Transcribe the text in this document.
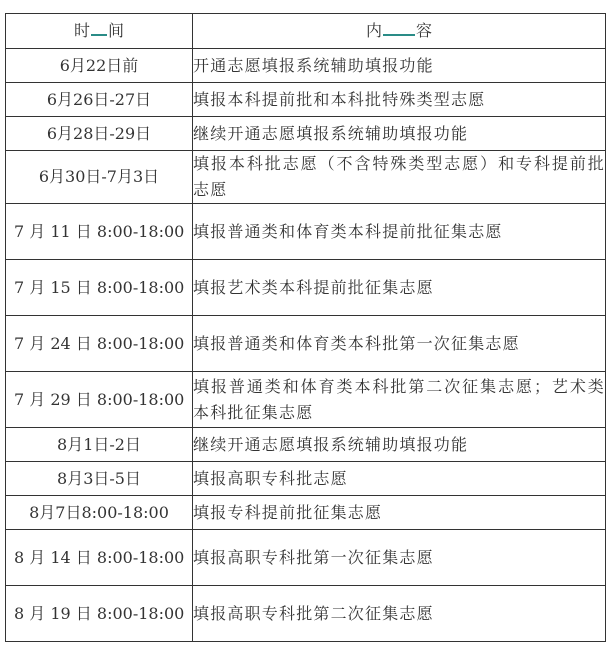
时 间	内 容
6月22日前	开通志愿填报系统辅助填报功能
6月26日-27日	填报本科提前批和本科批特殊类型志愿
6月28日-29日	继续开通志愿填报系统辅助填报功能
6月30日-7月3日	填报本科批志愿（不含特殊类型志愿）和专科提前批志愿
7 月 11 日 8:00-18:00	填报普通类和体育类本科提前批征集志愿
7 月 15 日 8:00-18:00	填报艺术类本科提前批征集志愿
7 月 24 日 8:00-18:00	填报普通类和体育类本科批第一次征集志愿
7 月 29 日 8:00-18:00	填报普通类和体育类本科批第二次征集志愿；艺术类本科批征集志愿
8月1日-2日	继续开通志愿填报系统辅助填报功能
8月3日-5日	填报高职专科批志愿
8月7日8:00-18:00	填报专科提前批征集志愿
8 月 14 日 8:00-18:00	填报高职专科批第一次征集志愿
8 月 19 日 8:00-18:00	填报高职专科批第二次征集志愿
